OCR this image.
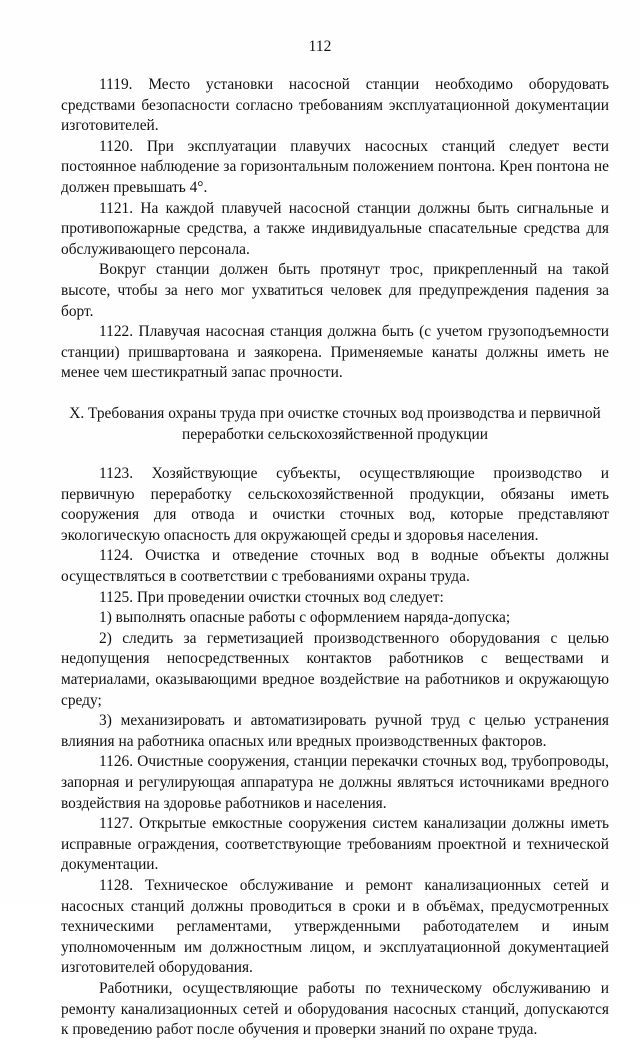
112

1119. Место установки насосной станции необходимо оборудовать средствами безопасности согласно требованиям эксплуатационной документации изготовителей.

1120. При эксплуатации плавучих насосных станций следует вести постоянное наблюдение за горизонтальным положением понтона. Крен понтона не должен превышать 4°.

1121. На каждой плавучей насосной станции должны быть сигнальные и противопожарные средства, а также индивидуальные спасательные средства для обслуживающего персонала.

Вокруг станции должен быть протянут трос, прикрепленный на такой высоте, чтобы за него мог ухватиться человек для предупреждения падения за борт.

1122. Плавучая насосная станция должна быть (с учетом грузоподъемности станции) пришвартована и заякорена. Применяемые канаты должны иметь не менее чем шестикратный запас прочности.

X. Требования охраны труда при очистке сточных вод производства и первичной переработки сельскохозяйственной продукции

1123. Хозяйствующие субъекты, осуществляющие производство и первичную переработку сельскохозяйственной продукции, обязаны иметь сооружения для отвода и очистки сточных вод, которые представляют экологическую опасность для окружающей среды и здоровья населения.

1124. Очистка и отведение сточных вод в водные объекты должны осуществляться в соответствии с требованиями охраны труда.

1125. При проведении очистки сточных вод следует:

1) выполнять опасные работы с оформлением наряда-допуска;

2) следить за герметизацией производственного оборудования с целью недопущения непосредственных контактов работников с веществами и материалами, оказывающими вредное воздействие на работников и окружающую среду;

3) механизировать и автоматизировать ручной труд с целью устранения влияния на работника опасных или вредных производственных факторов.

1126. Очистные сооружения, станции перекачки сточных вод, трубопроводы, запорная и регулирующая аппаратура не должны являться источниками вредного воздействия на здоровье работников и населения.

1127. Открытые емкостные сооружения систем канализации должны иметь исправные ограждения, соответствующие требованиям проектной и технической документации.

1128. Техническое обслуживание и ремонт канализационных сетей и насосных станций должны проводиться в сроки и в объёмах, предусмотренных техническими регламентами, утвержденными работодателем и иным уполномоченным им должностным лицом, и эксплуатационной документацией изготовителей оборудования.

Работники, осуществляющие работы по техническому обслуживанию и ремонту канализационных сетей и оборудования насосных станций, допускаются к проведению работ после обучения и проверки знаний по охране труда.
